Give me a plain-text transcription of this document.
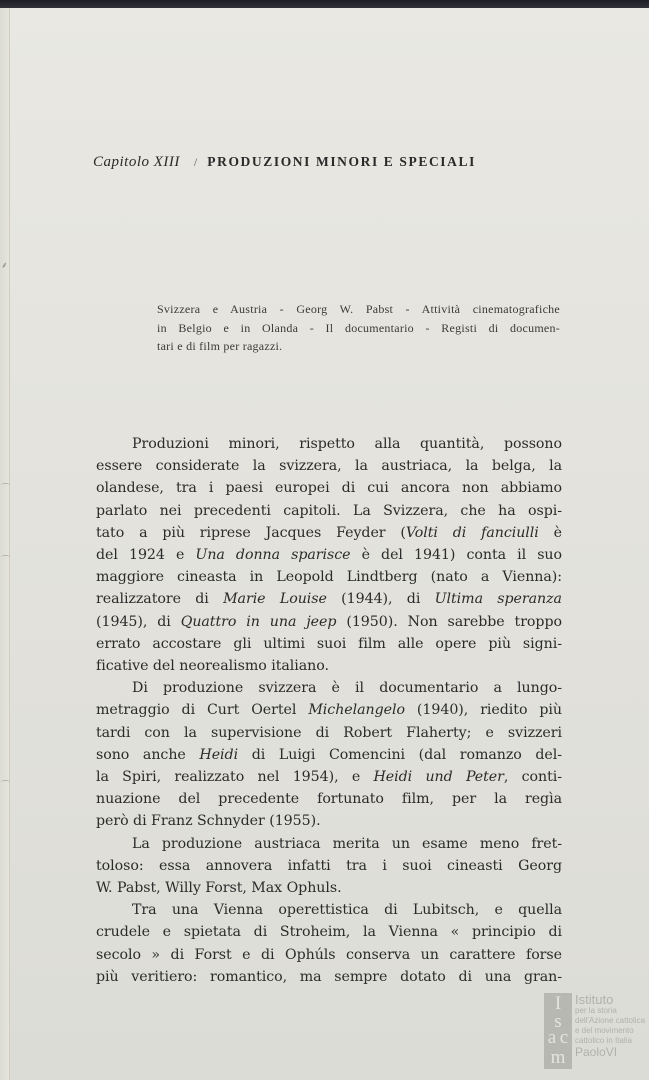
⸙
⌒
⌒
⌒
Capitolo XIII / PRODUZIONI MINORI E SPECIALI
Svizzera e Austria - Georg W. Pabst - Attività cinematografiche
in Belgio e in Olanda - Il documentario - Registi di documen-
tari e di film per ragazzi.
Produzioni minori, rispetto alla quantità, possono
essere considerate la svizzera, la austriaca, la belga, la
olandese, tra i paesi europei di cui ancora non abbiamo
parlato nei precedenti capitoli. La Svizzera, che ha ospi-
tato a più riprese Jacques Feyder (Volti di fanciulli è
del 1924 e Una donna sparisce è del 1941) conta il suo
maggiore cineasta in Leopold Lindtberg (nato a Vienna):
realizzatore di Marie Louise (1944), di Ultima speranza
(1945), di Quattro in una jeep (1950). Non sarebbe troppo
errato accostare gli ultimi suoi film alle opere più signi-
ficative del neorealismo italiano.
Di produzione svizzera è il documentario a lungo-
metraggio di Curt Oertel Michelangelo (1940), riedito più
tardi con la supervisione di Robert Flaherty; e svizzeri
sono anche Heidi di Luigi Comencini (dal romanzo del-
la Spiri, realizzato nel 1954), e Heidi und Peter, conti-
nuazione del precedente fortunato film, per la regìa
però di Franz Schnyder (1955).
La produzione austriaca merita un esame meno fret-
toloso: essa annovera infatti tra i suoi cineasti Georg
W. Pabst, Willy Forst, Max Ophuls.
Tra una Vienna operettistica di Lubitsch, e quella
crudele e spietata di Stroheim, la Vienna « principio di
secolo » di Forst e di Ophúls conserva un carattere forse
più veritiero: romantico, ma sempre dotato di una gran-
I
s
a c
m
Istituto
per la storia
dell'Azione cattolica
e del movimento
cattolico in Italia
PaoloVI
